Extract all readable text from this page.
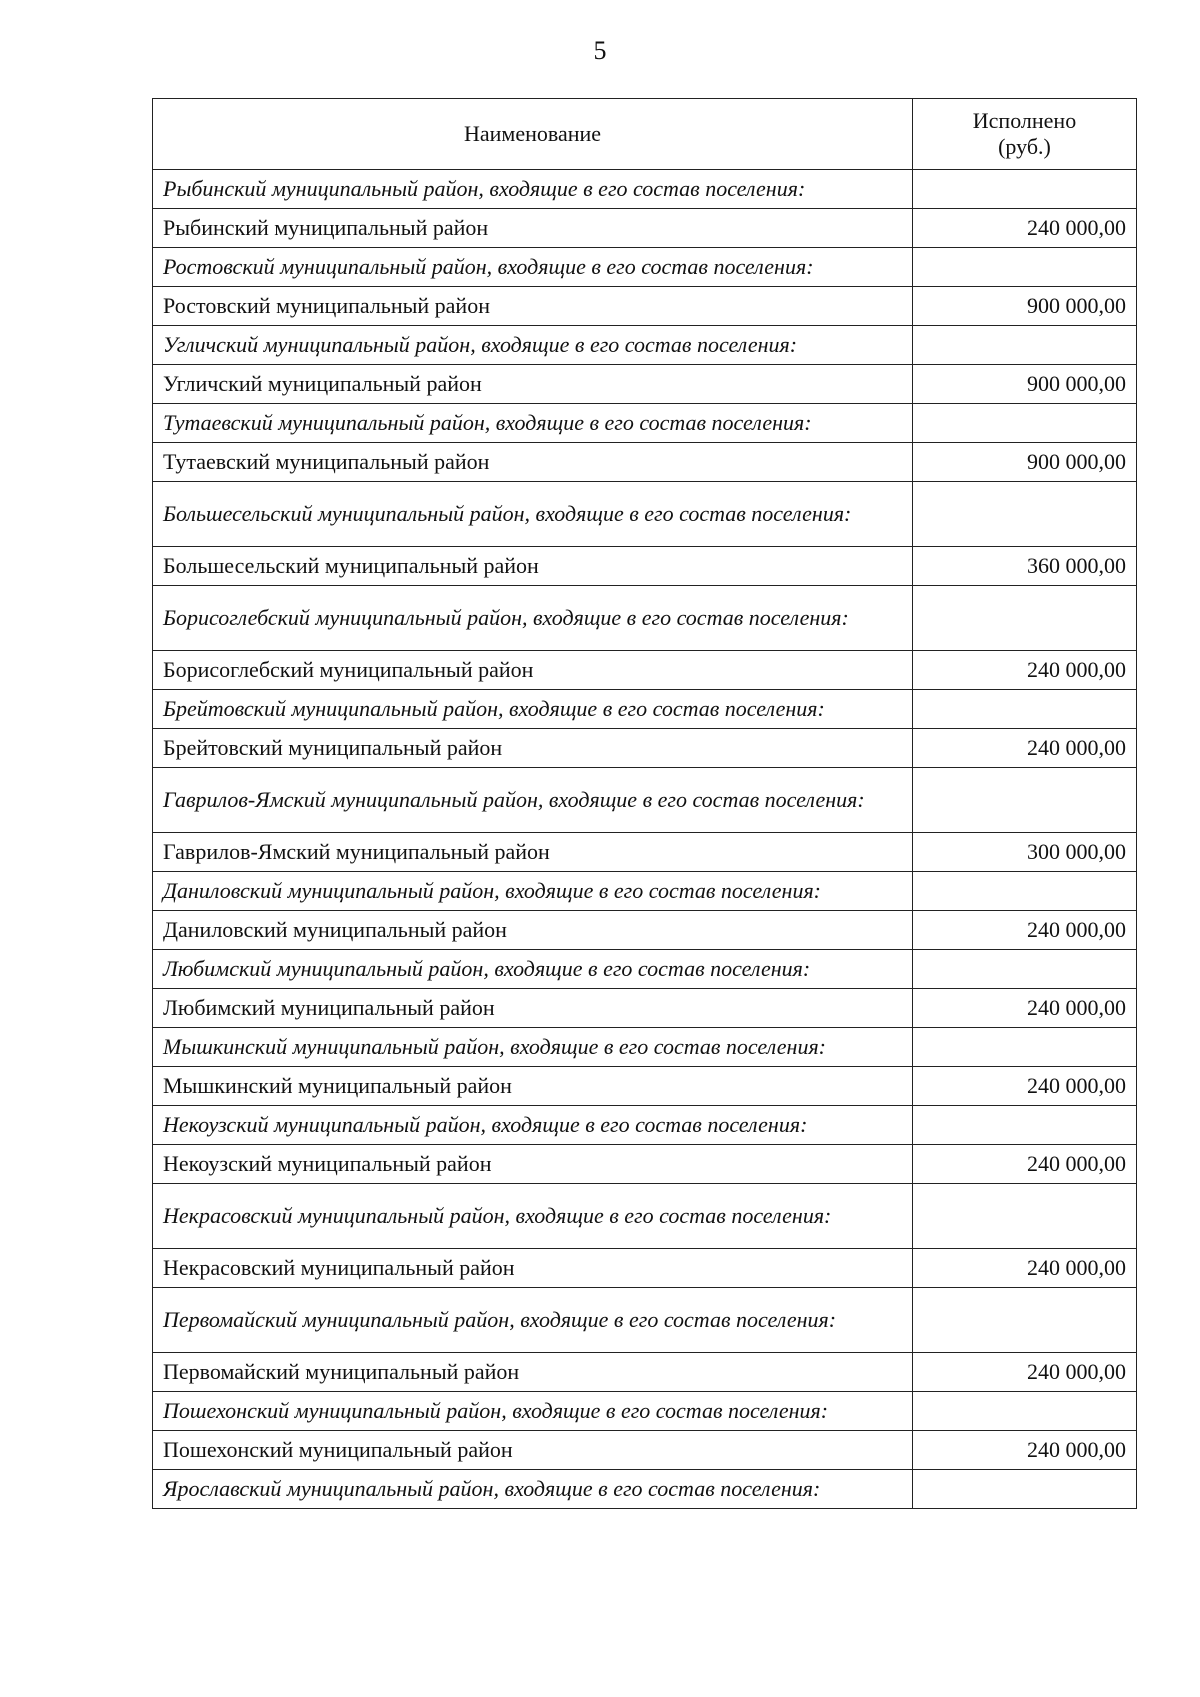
5
Наименование	Исполнено
(руб.)
Рыбинский муниципальный район, входящие в его состав поселения:	
Рыбинский муниципальный район	240 000,00
Ростовский муниципальный район, входящие в его состав поселения:	
Ростовский муниципальный район	900 000,00
Угличский муниципальный район, входящие в его состав поселения:	
Угличский муниципальный район	900 000,00
Тутаевский муниципальный район, входящие в его состав поселения:	
Тутаевский муниципальный район	900 000,00
Большесельский муниципальный район, входящие в его состав поселения:	
Большесельский муниципальный район	360 000,00
Борисоглебский муниципальный район, входящие в его состав поселения:	
Борисоглебский муниципальный район	240 000,00
Брейтовский муниципальный район, входящие в его состав поселения:	
Брейтовский муниципальный район	240 000,00
Гаврилов-Ямский муниципальный район, входящие в его состав поселения:	
Гаврилов-Ямский муниципальный район	300 000,00
Даниловский муниципальный район, входящие в его состав поселения:	
Даниловский муниципальный район	240 000,00
Любимский муниципальный район, входящие в его состав поселения:	
Любимский муниципальный район	240 000,00
Мышкинский муниципальный район, входящие в его состав поселения:	
Мышкинский муниципальный район	240 000,00
Некоузский муниципальный район, входящие в его состав поселения:	
Некоузский муниципальный район	240 000,00
Некрасовский муниципальный район, входящие в его состав поселения:	
Некрасовский муниципальный район	240 000,00
Первомайский муниципальный район, входящие в его состав поселения:	
Первомайский муниципальный район	240 000,00
Пошехонский муниципальный район, входящие в его состав поселения:	
Пошехонский муниципальный район	240 000,00
Ярославский муниципальный район, входящие в его состав поселения:	
